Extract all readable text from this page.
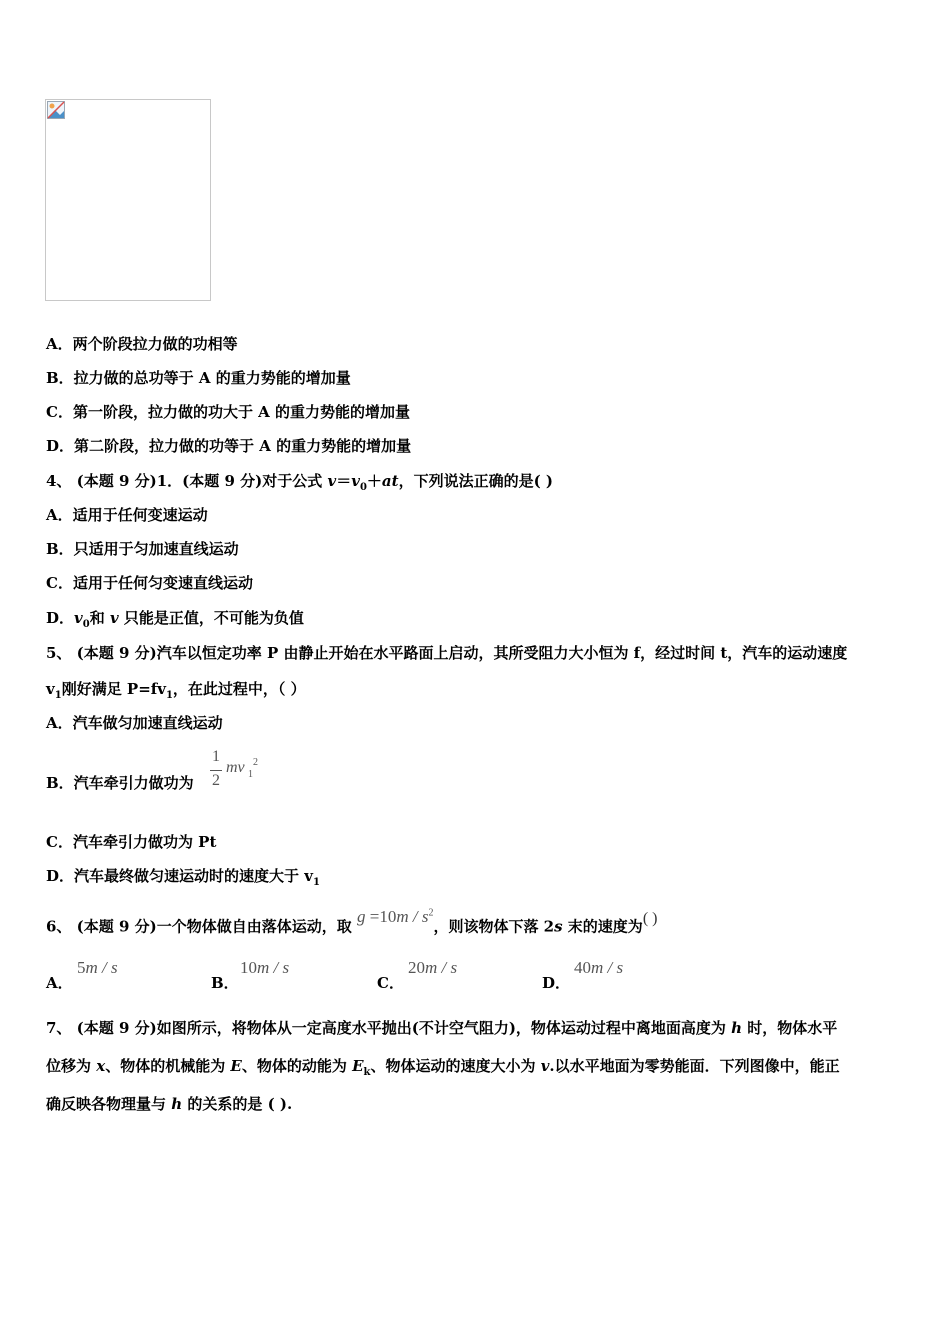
A．两个阶段拉力做的功相等
B．拉力做的总功等于 A 的重力势能的增加量
C．第一阶段，拉力做的功大于 A 的重力势能的增加量
D．第二阶段，拉力做的功等于 A 的重力势能的增加量
4、 (本题 9 分)1．(本题 9 分)对于公式 $v=v_0+at$，下列说法正确的是( )
A．适用于任何变速运动
B．只适用于匀加速直线运动
C．适用于任何匀变速直线运动
D．$v_0$和 v 只能是正值，不可能为负值
5、 (本题 9 分)汽车以恒定功率 P 由静止开始在水平路面上启动，其所受阻力大小恒为 f，经过时间 t，汽车的运动速度
$v_1$刚好满足 $P=fv_1$，在此过程中，（ ）
A．汽车做匀加速直线运动
B．汽车牵引力做功为
1
2
mv 1
2
C．汽车牵引力做功为 Pt
D．汽车最终做匀速运动时的速度大于 $v_1$
6、 (本题 9 分)一个物体做自由落体运动，取 $g =10m / s^2$，则该物体下落 2s 末的速度为( )
A．
5m / s
B．
10m / s
C．
20m / s
D．
40m / s
7、 (本题 9 分)如图所示，将物体从一定高度水平抛出(不计空气阻力)，物体运动过程中离地面高度为 h 时，物体水平
位移为 x、物体的机械能为 E、物体的动能为 $E_k$、物体运动的速度大小为 v.以水平地面为零势能面．下列图像中，能正
确反映各物理量与 h 的关系的是 ( ).
